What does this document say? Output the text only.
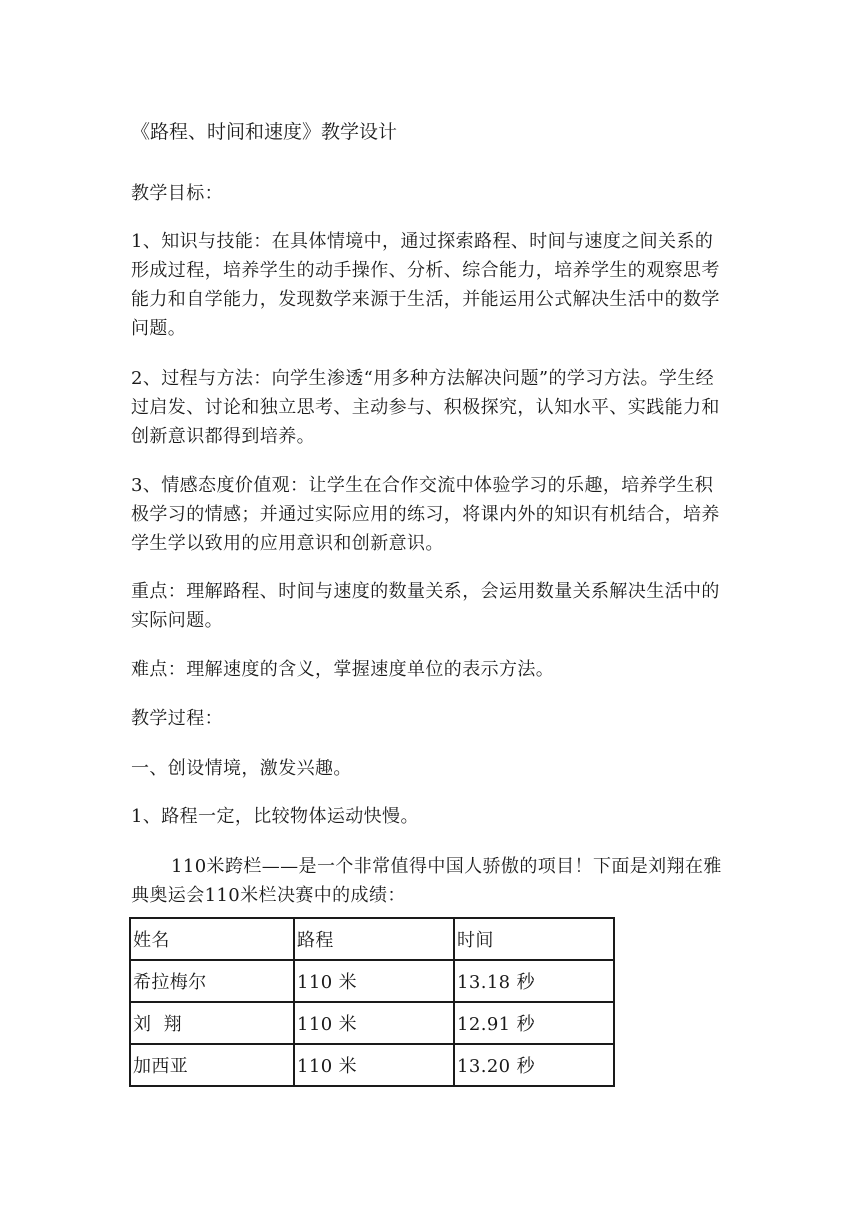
《路程、时间和速度》教学设计

教学目标：

1、知识与技能：在具体情境中，通过探索路程、时间与速度之间关系的形成过程，培养学生的动手操作、分析、综合能力，培养学生的观察思考能力和自学能力，发现数学来源于生活，并能运用公式解决生活中的数学问题。

2、过程与方法：向学生渗透“用多种方法解决问题”的学习方法。学生经过启发、讨论和独立思考、主动参与、积极探究，认知水平、实践能力和创新意识都得到培养。

3、情感态度价值观：让学生在合作交流中体验学习的乐趣，培养学生积极学习的情感；并通过实际应用的练习，将课内外的知识有机结合，培养学生学以致用的应用意识和创新意识。

重点：理解路程、时间与速度的数量关系，会运用数量关系解决生活中的实际问题。

难点：理解速度的含义，掌握速度单位的表示方法。

教学过程：

一、创设情境，激发兴趣。

1、路程一定，比较物体运动快慢。

110米跨栏——是一个非常值得中国人骄傲的项目！下面是刘翔在雅典奥运会110米栏决赛中的成绩：

姓名	路程	时间
希拉梅尔	110 米	13.18 秒
刘  翔	110 米	12.91 秒
加西亚	110 米	13.20 秒
